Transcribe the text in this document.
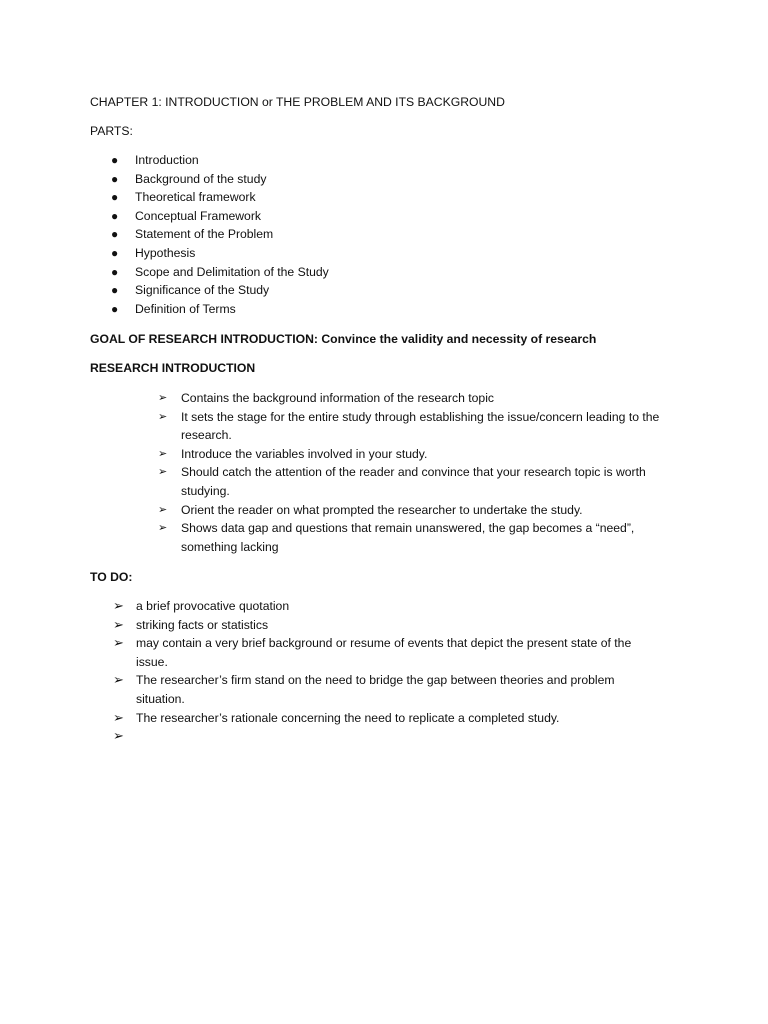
CHAPTER 1: INTRODUCTION or THE PROBLEM AND ITS BACKGROUND
PARTS:
● Introduction
● Background of the study
● Theoretical framework
● Conceptual Framework
● Statement of the Problem
● Hypothesis
● Scope and Delimitation of the Study
● Significance of the Study
● Definition of Terms
GOAL OF RESEARCH INTRODUCTION: Convince the validity and necessity of research
RESEARCH INTRODUCTION
➢ Contains the background information of the research topic
➢ It sets the stage for the entire study through establishing the issue/concern leading to the research.
➢ Introduce the variables involved in your study.
➢ Should catch the attention of the reader and convince that your research topic is worth studying.
➢ Orient the reader on what prompted the researcher to undertake the study.
➢ Shows data gap and questions that remain unanswered, the gap becomes a “need”, something lacking
TO DO:
➢ a brief provocative quotation
➢ striking facts or statistics
➢ may contain a very brief background or resume of events that depict the present state of the issue.
➢ The researcher’s firm stand on the need to bridge the gap between theories and problem situation.
➢ The researcher’s rationale concerning the need to replicate a completed study.
➢
